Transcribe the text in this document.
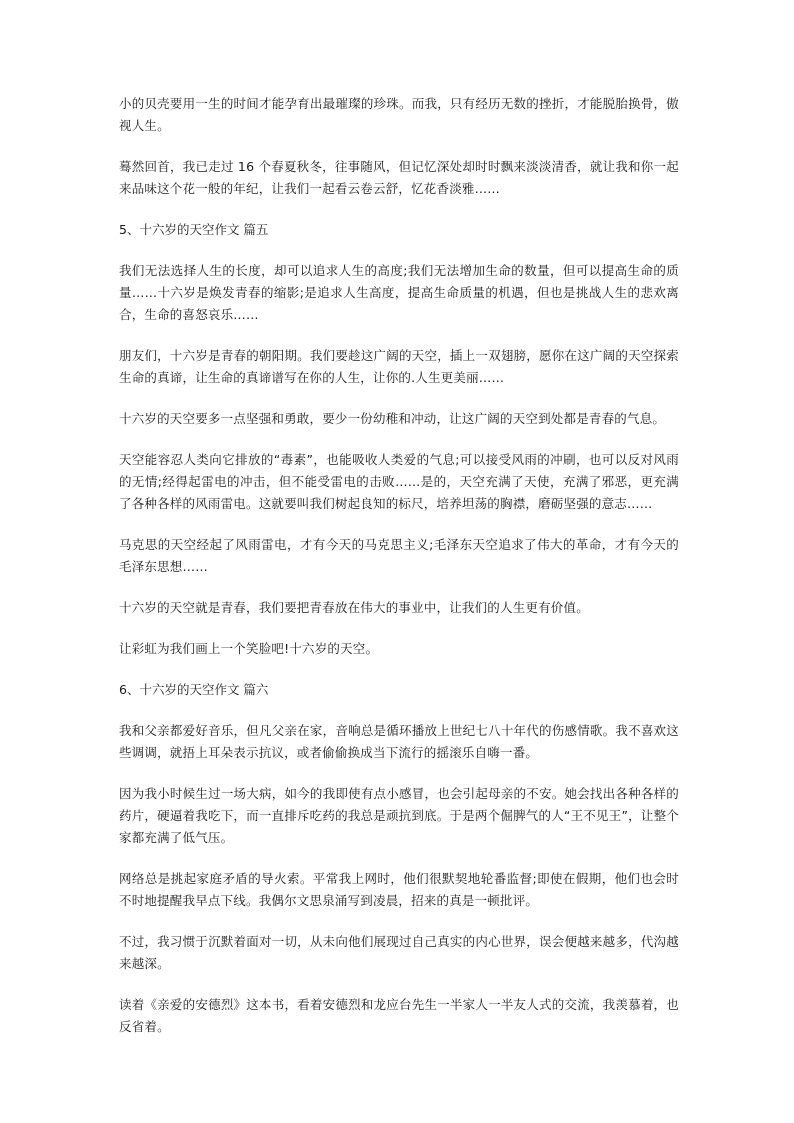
小的贝壳要用一生的时间才能孕育出最璀璨的珍珠。而我，只有经历无数的挫折，才能脱胎换骨，傲视人生。

蓦然回首，我已走过 16 个春夏秋冬，往事随风，但记忆深处却时时飘来淡淡清香，就让我和你一起来品味这个花一般的年纪，让我们一起看云卷云舒，忆花香淡雅……

5、十六岁的天空作文 篇五

我们无法选择人生的长度，却可以追求人生的高度;我们无法增加生命的数量，但可以提高生命的质量……十六岁是焕发青春的缩影;是追求人生高度，提高生命质量的机遇，但也是挑战人生的悲欢离合，生命的喜怒哀乐……

朋友们，十六岁是青春的朝阳期。我们要趁这广阔的天空，插上一双翅膀，愿你在这广阔的天空探索生命的真谛，让生命的真谛谱写在你的人生，让你的.人生更美丽……

十六岁的天空要多一点坚强和勇敢，要少一份幼稚和冲动，让这广阔的天空到处都是青春的气息。

天空能容忍人类向它排放的“毒素”，也能吸收人类爱的气息;可以接受风雨的冲刷，也可以反对风雨的无情;经得起雷电的冲击，但不能受雷电的击败……是的，天空充满了天使，充满了邪恶，更充满了各种各样的风雨雷电。这就要叫我们树起良知的标尺，培养坦荡的胸襟，磨砺坚强的意志……

马克思的天空经起了风雨雷电，才有今天的马克思主义;毛泽东天空追求了伟大的革命，才有今天的毛泽东思想……

十六岁的天空就是青春，我们要把青春放在伟大的事业中，让我们的人生更有价值。

让彩虹为我们画上一个笑脸吧!十六岁的天空。

6、十六岁的天空作文 篇六

我和父亲都爱好音乐，但凡父亲在家，音响总是循环播放上世纪七八十年代的伤感情歌。我不喜欢这些调调，就捂上耳朵表示抗议，或者偷偷换成当下流行的摇滚乐自嗨一番。

因为我小时候生过一场大病，如今的我即使有点小感冒，也会引起母亲的不安。她会找出各种各样的药片，硬逼着我吃下，而一直排斥吃药的我总是顽抗到底。于是两个倔脾气的人“王不见王”，让整个家都充满了低气压。

网络总是挑起家庭矛盾的导火索。平常我上网时，他们很默契地轮番监督;即使在假期，他们也会时不时地提醒我早点下线。我偶尔文思泉涌写到凌晨，招来的真是一顿批评。

不过，我习惯于沉默着面对一切，从未向他们展现过自己真实的内心世界，误会便越来越多，代沟越来越深。

读着《亲爱的安德烈》这本书，看着安德烈和龙应台先生一半家人一半友人式的交流，我羡慕着，也反省着。
